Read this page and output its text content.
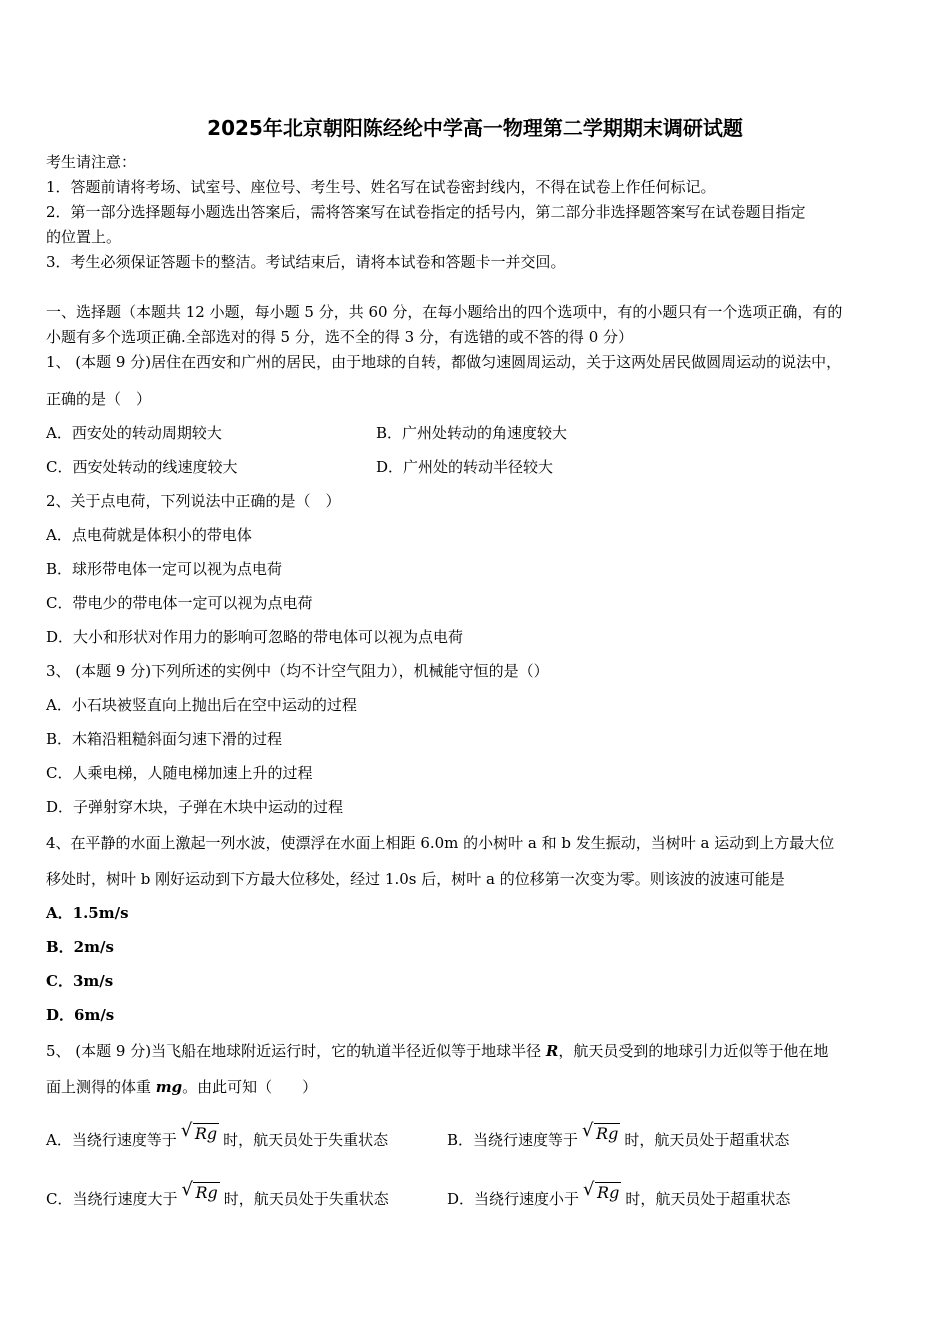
2025年北京朝阳陈经纶中学高一物理第二学期期末调研试题
考生请注意：
1．答题前请将考场、试室号、座位号、考生号、姓名写在试卷密封线内，不得在试卷上作任何标记。
2．第一部分选择题每小题选出答案后，需将答案写在试卷指定的括号内，第二部分非选择题答案写在试卷题目指定
的位置上。
3．考生必须保证答题卡的整洁。考试结束后，请将本试卷和答题卡一并交回。
一、选择题（本题共 12 小题，每小题 5 分，共 60 分，在每小题给出的四个选项中，有的小题只有一个选项正确，有的
小题有多个选项正确.全部选对的得 5 分，选不全的得 3 分，有选错的或不答的得 0 分）
1、 (本题 9 分)居住在西安和广州的居民，由于地球的自转，都做匀速圆周运动，关于这两处居民做圆周运动的说法中，
正确的是（　）
A．西安处的转动周期较大	B．广州处转动的角速度较大
C．西安处转动的线速度较大	D．广州处的转动半径较大
2、关于点电荷，下列说法中正确的是（　）
A．点电荷就是体积小的带电体
B．球形带电体一定可以视为点电荷
C．带电少的带电体一定可以视为点电荷
D．大小和形状对作用力的影响可忽略的带电体可以视为点电荷
3、 (本题 9 分)下列所述的实例中（均不计空气阻力），机械能守恒的是（）
A．小石块被竖直向上抛出后在空中运动的过程
B．木箱沿粗糙斜面匀速下滑的过程
C．人乘电梯，人随电梯加速上升的过程
D．子弹射穿木块，子弹在木块中运动的过程
4、在平静的水面上激起一列水波，使漂浮在水面上相距 6.0m 的小树叶 a 和 b 发生振动，当树叶 a 运动到上方最大位
移处时，树叶 b 刚好运动到下方最大位移处，经过 1.0s 后，树叶 a 的位移第一次变为零。则该波的波速可能是
A．1.5m/s
B．2m/s
C．3m/s
D．6m/s
5、 (本题 9 分)当飞船在地球附近运行时，它的轨道半径近似等于地球半径 R，航天员受到的地球引力近似等于他在地
面上测得的体重 mg。由此可知（　　）
A．当绕行速度等于 √ Rg 时，航天员处于失重状态	B．当绕行速度等于 √ Rg 时，航天员处于超重状态
C．当绕行速度大于 √ Rg 时，航天员处于失重状态	D．当绕行速度小于 √ Rg 时，航天员处于超重状态
